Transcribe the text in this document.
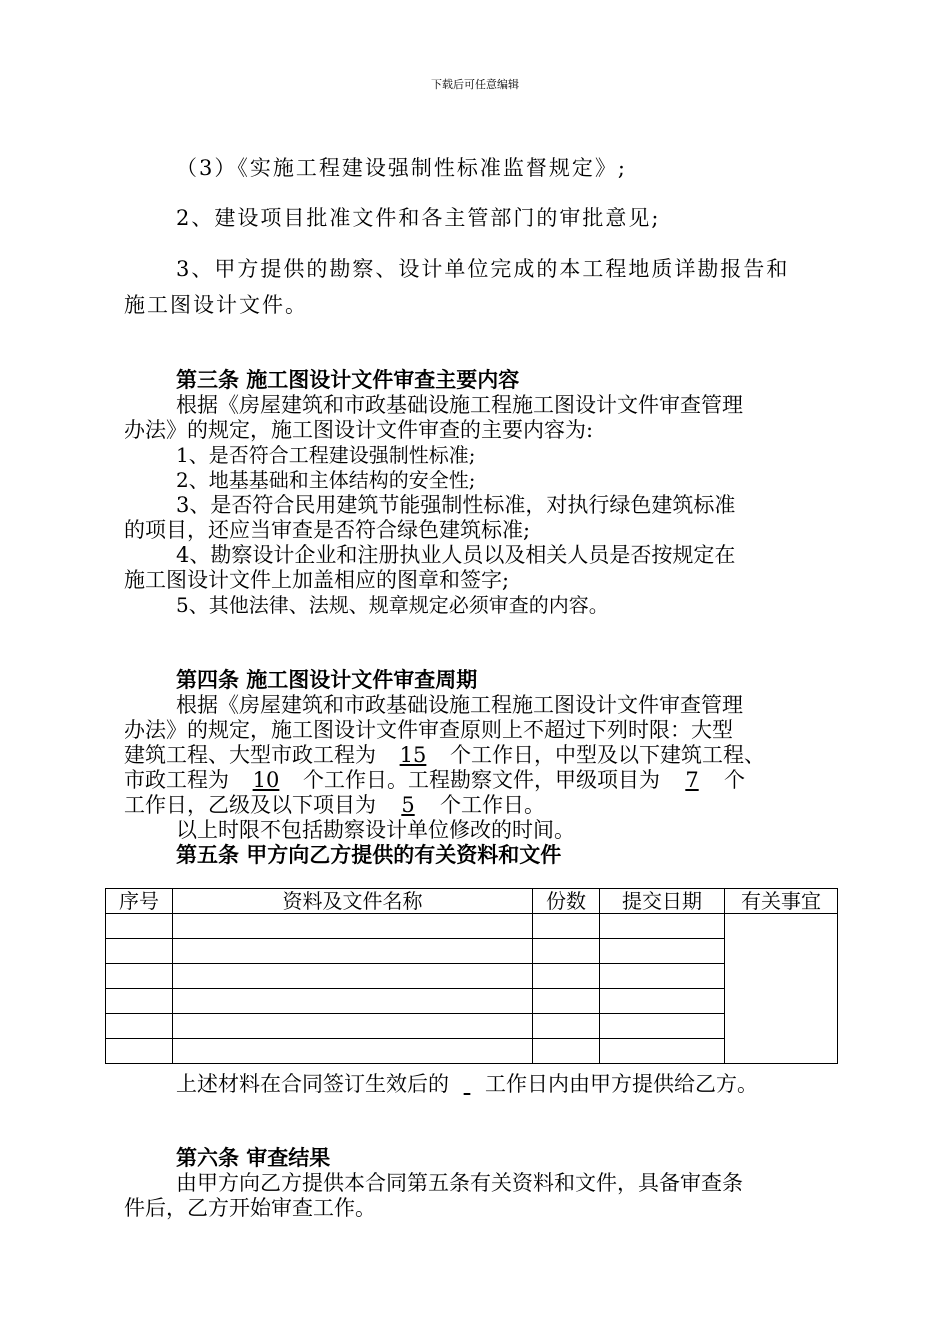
下载后可任意编辑
（3）《实施工程建设强制性标准监督规定》;
2、建设项目批准文件和各主管部门的审批意见;
3、甲方提供的勘察、设计单位完成的本工程地质详勘报告和
施工图设计文件。
第三条 施工图设计文件审查主要内容
根据《房屋建筑和市政基础设施工程施工图设计文件审查管理
办法》的规定，施工图设计文件审查的主要内容为:
1、是否符合工程建设强制性标准;
2、地基基础和主体结构的安全性;
3、是否符合民用建筑节能强制性标准，对执行绿色建筑标准
的项目，还应当审查是否符合绿色建筑标准;
4、勘察设计企业和注册执业人员以及相关人员是否按规定在
施工图设计文件上加盖相应的图章和签字;
5、其他法律、法规、规章规定必须审查的内容。
第四条 施工图设计文件审查周期
根据《房屋建筑和市政基础设施工程施工图设计文件审查管理
办法》的规定，施工图设计文件审查原则上不超过下列时限：大型
建筑工程、大型市政工程为 15 个工作日，中型及以下建筑工程、
市政工程为 10 个工作日。工程勘察文件，甲级项目为 7 个
工作日，乙级及以下项目为 5 个工作日。
以上时限不包括勘察设计单位修改的时间。
第五条 甲方向乙方提供的有关资料和文件
序号	资料及文件名称	份数	提交日期	有关事宜

上述材料在合同签订生效后的 工作日内由甲方提供给乙方。
第六条 审查结果
由甲方向乙方提供本合同第五条有关资料和文件，具备审查条
件后，乙方开始审查工作。
